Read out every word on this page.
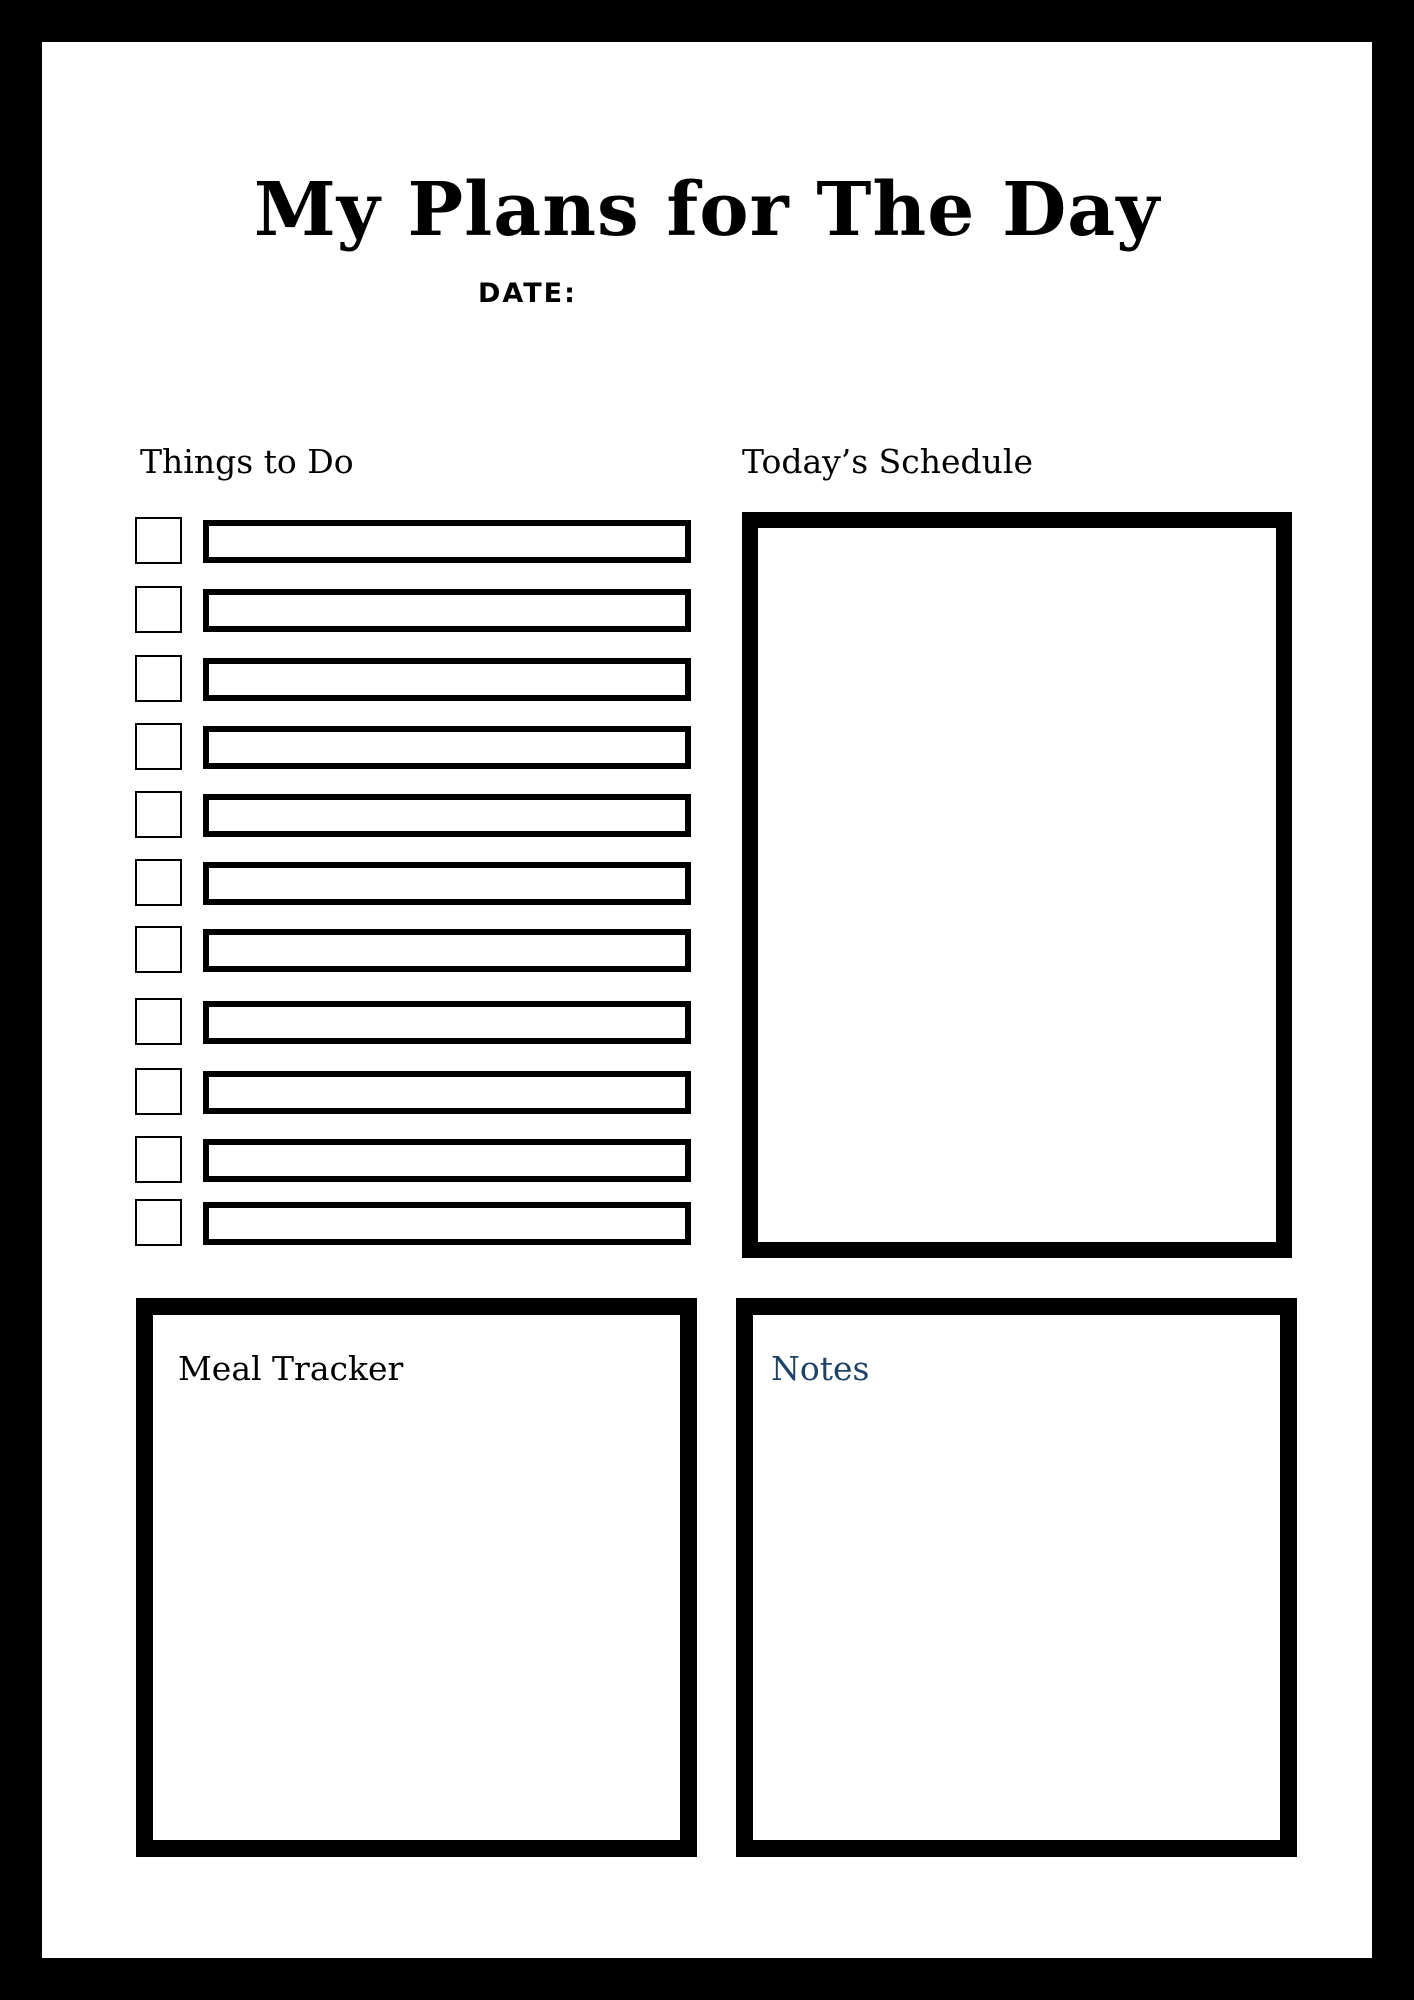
My Plans for The Day
DATE:
Things to Do	Today’s Schedule
Meal Tracker	Notes
